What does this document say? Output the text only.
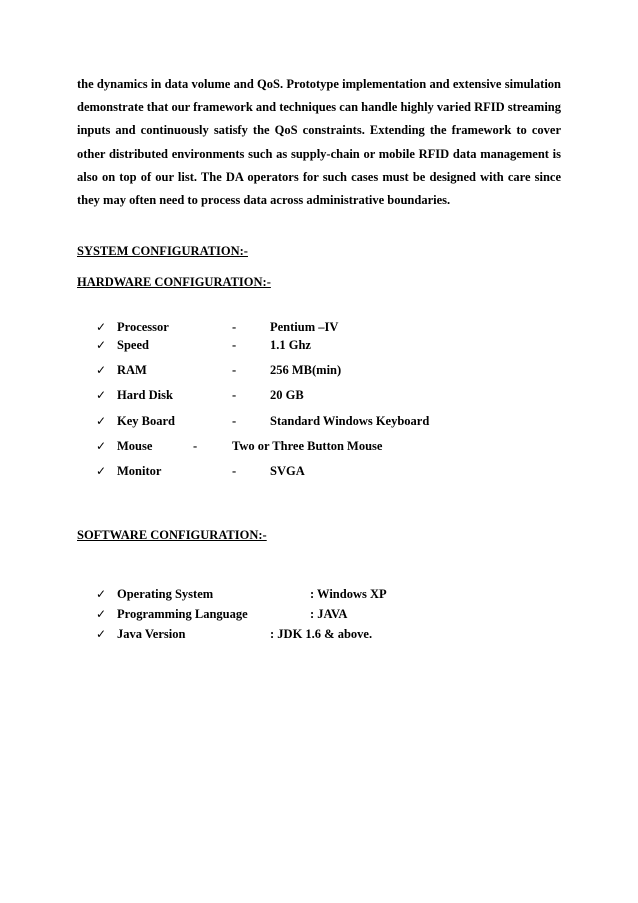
the dynamics in data volume and QoS. Prototype implementation and extensive simulation demonstrate that our framework and techniques can handle highly varied RFID streaming inputs and continuously satisfy the QoS constraints. Extending the framework to cover other distributed environments such as supply-chain or mobile RFID data management is also on top of our list. The DA operators for such cases must be designed with care since they may often need to process data across administrative boundaries.

SYSTEM CONFIGURATION:-
HARDWARE CONFIGURATION:-
✓ Processor	-	Pentium –IV
✓ Speed	-	1.1 Ghz
✓ RAM	-	256 MB(min)
✓ Hard Disk	-	20 GB
✓ Key Board	-	Standard Windows Keyboard
✓ Mouse	-	Two or Three Button Mouse
✓ Monitor	-	SVGA
SOFTWARE CONFIGURATION:-
✓ Operating System	: Windows XP
✓ Programming Language	: JAVA
✓ Java Version	: JDK 1.6 & above.
